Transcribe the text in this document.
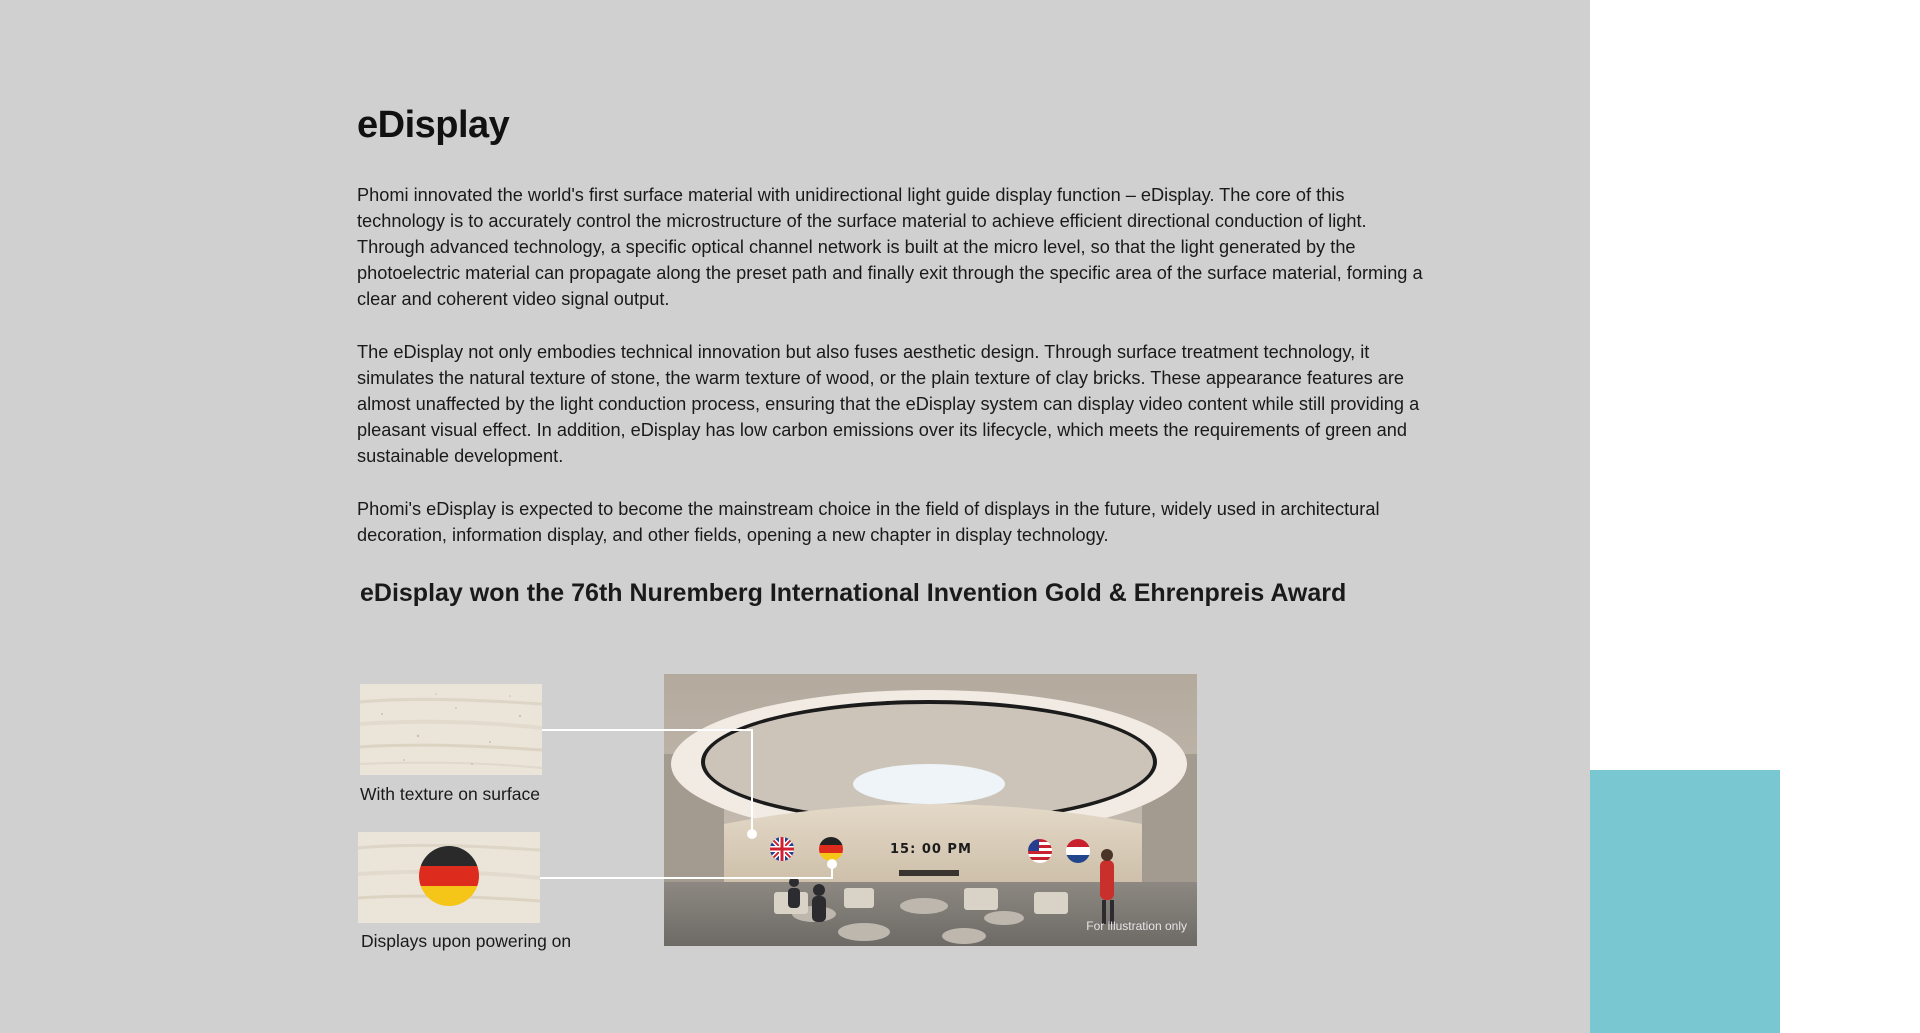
eDisplay

Phomi innovated the world's first surface material with unidirectional light guide display function – eDisplay. The core of this technology is to accurately control the microstructure of the surface material to achieve efficient directional conduction of light. Through advanced technology, a specific optical channel network is built at the micro level, so that the light generated by the photoelectric material can propagate along the preset path and finally exit through the specific area of the surface material, forming a clear and coherent video signal output.

The eDisplay not only embodies technical innovation but also fuses aesthetic design. Through surface treatment technology, it simulates the natural texture of stone, the warm texture of wood, or the plain texture of clay bricks. These appearance features are almost unaffected by the light conduction process, ensuring that the eDisplay system can display video content while still providing a pleasant visual effect. In addition, eDisplay has low carbon emissions over its lifecycle, which meets the requirements of green and sustainable development.

Phomi's eDisplay is expected to become the mainstream choice in the field of displays in the future, widely used in architectural decoration, information display, and other fields, opening a new chapter in display technology.

eDisplay won the 76th Nuremberg International Invention Gold & Ehrenpreis Award

With texture on surface

Displays upon powering on

15: 00 PM
For illustration only
